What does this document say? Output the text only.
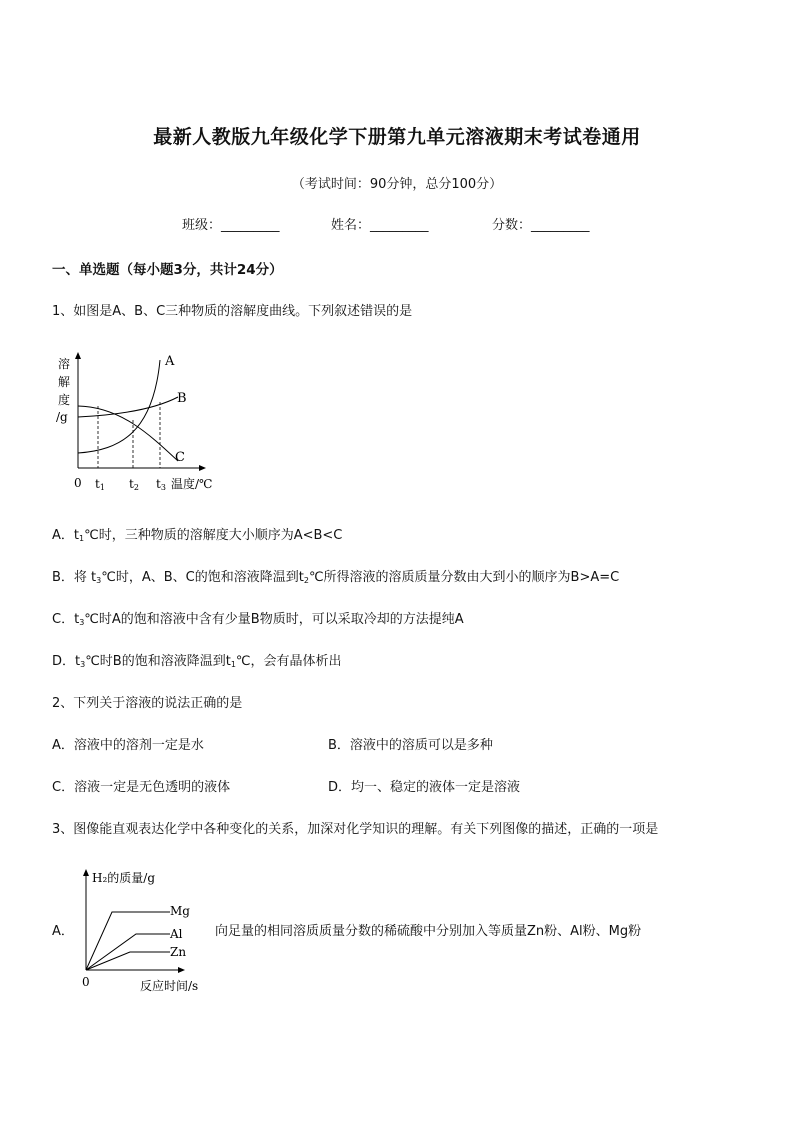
最新人教版九年级化学下册第九单元溶液期末考试卷通用
（考试时间：90分钟，总分100分）
班级：_________	姓名：_________	分数：_________
一、单选题（每小题3分，共计24分）
1、如图是A、B、C三种物质的溶解度曲线。下列叙述错误的是
溶
解
度
/g
A
B
C
0 t1 t2 t3 温度/℃
A．$t_1℃$时，三种物质的溶解度大小顺序为A<B<C
B．将 $t_3℃$时，A、B、C的饱和溶液降温到$t_2℃$所得溶液的溶质质量分数由大到小的顺序为B>A=C
C．$t_3℃$时A的饱和溶液中含有少量B物质时，可以采取冷却的方法提纯A
D．$t_3℃$时B的饱和溶液降温到$t_1℃$，会有晶体析出
2、下列关于溶液的说法正确的是
A．溶液中的溶剂一定是水	B．溶液中的溶质可以是多种
C．溶液一定是无色透明的液体	D．均一、稳定的液体一定是溶液
3、图像能直观表达化学中各种变化的关系，加深对化学知识的理解。有关下列图像的描述，正确的一项是
A．
H₂的质量/g
Mg
Al
Zn
0	反应时间/s
向足量的相同溶质质量分数的稀硫酸中分别加入等质量Zn粉、Al粉、Mg粉
